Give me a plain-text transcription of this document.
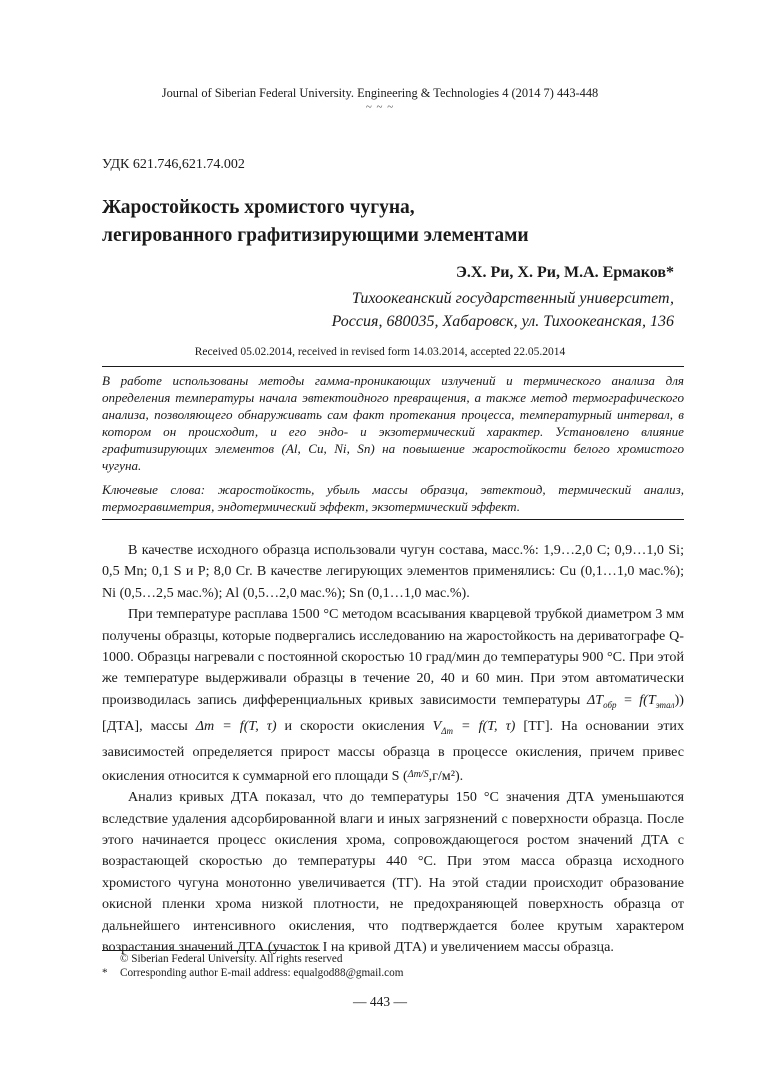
Journal of Siberian Federal University. Engineering & Technologies 4 (2014 7) 443-448
~ ~ ~
УДК 621.746,621.74.002
Жаростойкость хромистого чугуна,
легированного графитизирующими элементами
Э.Х. Ри, Х. Ри, М.А. Ермаков*
Тихоокеанский государственный университет,
Россия, 680035, Хабаровск, ул. Тихоокеанская, 136
Received 05.02.2014, received in revised form 14.03.2014, accepted 22.05.2014
В работе использованы методы гамма-проникающих излучений и термического анализа для определения температуры начала эвтектоидного превращения, а также метод термографического анализа, позволяющего обнаруживать сам факт протекания процесса, температурный интервал, в котором он происходит, и его эндо- и экзотермический характер. Установлено влияние графитизирующих элементов (Al, Cu, Ni, Sn) на повышение жаростойкости белого хромистого чугуна.
Ключевые слова: жаростойкость, убыль массы образца, эвтектоид, термический анализ, термогравиметрия, эндотермический эффект, экзотермический эффект.

В качестве исходного образца использовали чугун состава, масс.%: 1,9…2,0 C; 0,9…1,0 Si; 0,5 Mn; 0,1 S и P; 8,0 Cr. В качестве легирующих элементов применялись: Cu (0,1…1,0 мас.%); Ni (0,5…2,5 мас.%); Al (0,5…2,0 мас.%); Sn (0,1…1,0 мас.%).

При температуре расплава 1500 °C методом всасывания кварцевой трубкой диаметром 3 мм получены образцы, которые подвергались исследованию на жаростойкость на дериватографе Q-1000. Образцы нагревали с постоянной скоростью 10 град/мин до температуры 900 °C. При этой же температуре выдерживали образцы в течение 20, 40 и 60 мин. При этом автоматически производилась запись дифференциальных кривых зависимости температуры $\Delta T_{обр} = f(T_{этал})$) [ДТА], массы Δm = f(T, τ) и скорости окисления $V_{\Delta m} = f(T$, τ) [ТГ]. На основании этих зависимостей определяется прирост массы образца в процессе окисления, причем привес окисления относится к суммарной его площади S ($^{\Delta m/S}$,г/м²).

Анализ кривых ДТА показал, что до температуры 150 °C значения ДТА уменьшаются вследствие удаления адсорбированной влаги и иных загрязнений с поверхности образца. После этого начинается процесс окисления хрома, сопровождающегося ростом значений ДТА с возрастающей скоростью до температуры 440 °C. При этом масса образца исходного хромистого чугуна монотонно увеличивается (ТГ). На этой стадии происходит образование окисной пленки хрома низкой плотности, не предохраняющей поверхность образца от дальнейшего интенсивного окисления, что подтверждается более крутым характером возрастания значений ДТА (участок I на кривой ДТА) и увеличением массы образца.

© Siberian Federal University. All rights reserved
* Corresponding author E-mail address: equalgod88@gmail.com
— 443 —
